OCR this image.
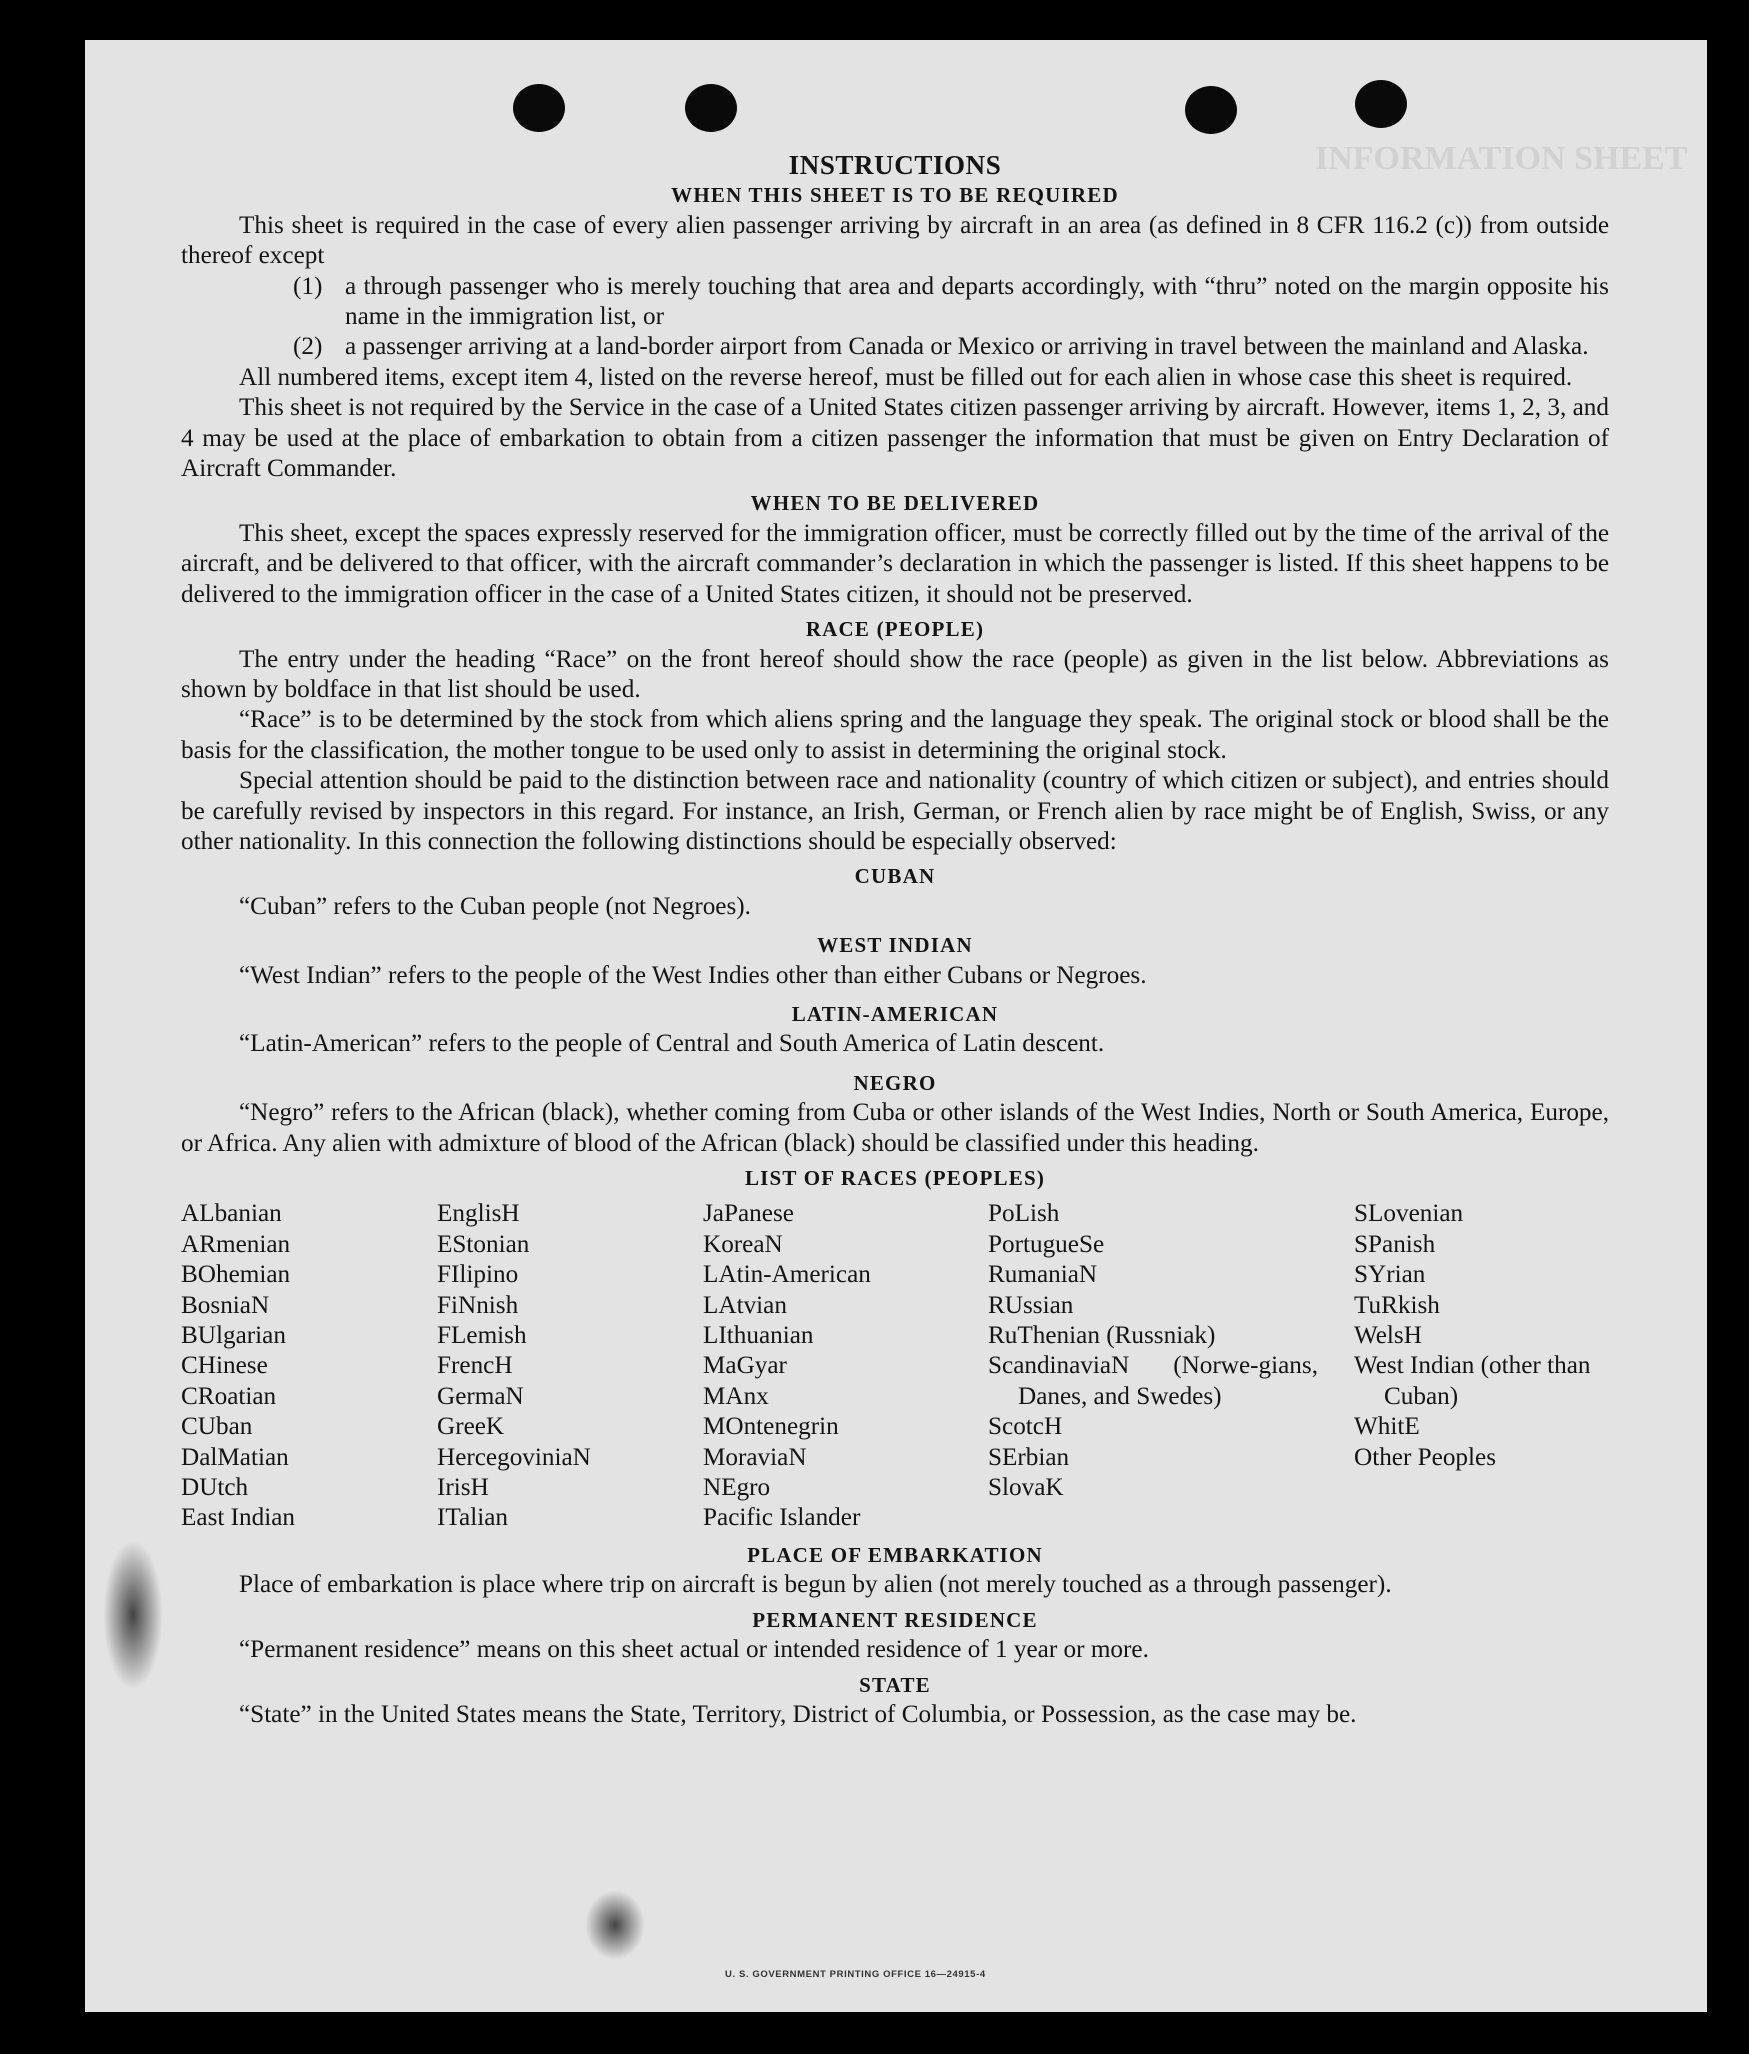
INFORMATION SHEET
INSTRUCTIONS
WHEN THIS SHEET IS TO BE REQUIRED

This sheet is required in the case of every alien passenger arriving by aircraft in an area (as defined in 8 CFR 116.2 (c)) from outside thereof except

(1) a through passenger who is merely touching that area and departs accordingly, with “thru” noted on the margin opposite his name in the immigration list, or
(2) a passenger arriving at a land-border airport from Canada or Mexico or arriving in travel between the mainland and Alaska.

All numbered items, except item 4, listed on the reverse hereof, must be filled out for each alien in whose case this sheet is required.

This sheet is not required by the Service in the case of a United States citizen passenger arriving by aircraft. However, items 1, 2, 3, and 4 may be used at the place of embarkation to obtain from a citizen passenger the information that must be given on Entry Declaration of Aircraft Commander.

WHEN TO BE DELIVERED

This sheet, except the spaces expressly reserved for the immigration officer, must be correctly filled out by the time of the arrival of the aircraft, and be delivered to that officer, with the aircraft commander’s declaration in which the passenger is listed. If this sheet happens to be delivered to the immigration officer in the case of a United States citizen, it should not be preserved.

RACE (PEOPLE)

The entry under the heading “Race” on the front hereof should show the race (people) as given in the list below. Abbreviations as shown by boldface in that list should be used.

“Race” is to be determined by the stock from which aliens spring and the language they speak. The original stock or blood shall be the basis for the classification, the mother tongue to be used only to assist in determining the original stock.

Special attention should be paid to the distinction between race and nationality (country of which citizen or subject), and entries should be carefully revised by inspectors in this regard. For instance, an Irish, German, or French alien by race might be of English, Swiss, or any other nationality. In this connection the following distinctions should be especially observed:

CUBAN

“Cuban” refers to the Cuban people (not Negroes).

WEST INDIAN

“West Indian” refers to the people of the West Indies other than either Cubans or Negroes.

LATIN-AMERICAN

“Latin-American” refers to the people of Central and South America of Latin descent.

NEGRO

“Negro” refers to the African (black), whether coming from Cuba or other islands of the West Indies, North or South America, Europe, or Africa. Any alien with admixture of blood of the African (black) should be classified under this heading.

LIST OF RACES (PEOPLES)
ALbanian
ARmenian
BOhemian
BosniaN
BUlgarian
CHinese
CRoatian
CUban
DalMatian
DUtch
East Indian
EnglisH
EStonian
FIlipino
FiNnish
FLemish
FrencH
GermaN
GreeK
HercegoviniaN
IrisH
ITalian
JaPanese
KoreaN
LAtin-American
LAtvian
LIthuanian
MaGyar
MAnx
MOntenegrin
MoraviaN
NEgro
Pacific Islander
PoLish
PortugueSe
RumaniaN
RUssian
RuThenian (Russniak)
ScandinaviaN (Norwe-gians, Danes, and Swedes)
ScotcH
SErbian
SlovaK
SLovenian
SPanish
SYrian
TuRkish
WelsH
West Indian (other than Cuban)
WhitE
Other Peoples
PLACE OF EMBARKATION

Place of embarkation is place where trip on aircraft is begun by alien (not merely touched as a through passenger).

PERMANENT RESIDENCE

“Permanent residence” means on this sheet actual or intended residence of 1 year or more.

STATE

“State” in the United States means the State, Territory, District of Columbia, or Possession, as the case may be.

U. S. GOVERNMENT PRINTING OFFICE 16—24915-4
